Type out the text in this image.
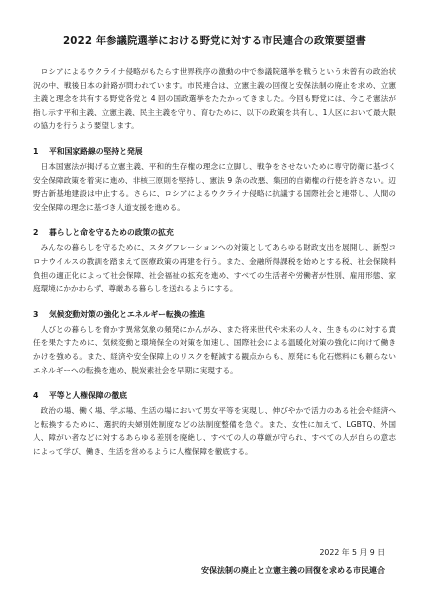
2022 年参議院選挙における野党に対する市民連合の政策要望書

ロシアによるウクライナ侵略がもたらす世界秩序の激動の中で参議院選挙を戦うという未曾有の政治状況の中、戦後日本の針路が問われています。市民連合は、立憲主義の回復と安保法制の廃止を求め、立憲主義と理念を共有する野党各党と 4 回の国政選挙をたたかってきました。今回も野党には、今こそ憲法が指し示す平和主義、立憲主義、民主主義を守り、育むために、以下の政策を共有し、1人区において最大限の協力を行うよう要望します。

1	平和国家路線の堅持と発展

日本国憲法が掲げる立憲主義、平和的生存権の理念に立脚し、戦争をさせないために専守防衛に基づく安全保障政策を着実に進め、非核三原則を堅持し、憲法 9 条の改悪、集団的自衛権の行使を許さない。辺野古新基地建設は中止する。さらに、ロシアによるウクライナ侵略に抗議する国際社会と連帯し、人間の安全保障の理念に基づき人道支援を進める。

2	暮らしと命を守るための政策の拡充

みんなの暮らしを守るために、スタグフレーションへの対策としてあらゆる財政支出を展開し、新型コロナウイルスの教訓を踏まえて医療政策の再建を行う。また、金融所得課税を始めとする税、社会保険料負担の適正化によって社会保障、社会福祉の拡充を進め、すべての生活者や労働者が性別、雇用形態、家庭環境にかかわらず、尊厳ある暮らしを送れるようにする。

3	気候変動対策の強化とエネルギー転換の推進

人びとの暮らしを脅かす異常気象の頻発にかんがみ、また将来世代や未来の人々、生きものに対する責任を果たすために、気候変動と環境保全の対策を加速し、国際社会による温暖化対策の強化に向けて働きかけを強める。また、経済や安全保障上のリスクを軽減する観点からも、原発にも化石燃料にも頼らないエネルギーへの転換を進め、脱炭素社会を早期に実現する。

4	平等と人権保障の徹底

政治の場、働く場、学ぶ場、生活の場において男女平等を実現し、伸びやかで活力のある社会や経済へと転換するために、選択的夫婦別姓制度などの法制度整備を急ぐ。また、女性に加えて、LGBTQ、外国人、障がい者などに対するあらゆる差別を廃絶し、すべての人の尊厳が守られ、すべての人が自らの意志によって学び、働き、生活を営めるように人権保障を徹底する。

2022 年 5 月 9 日
安保法制の廃止と立憲主義の回復を求める市民連合
